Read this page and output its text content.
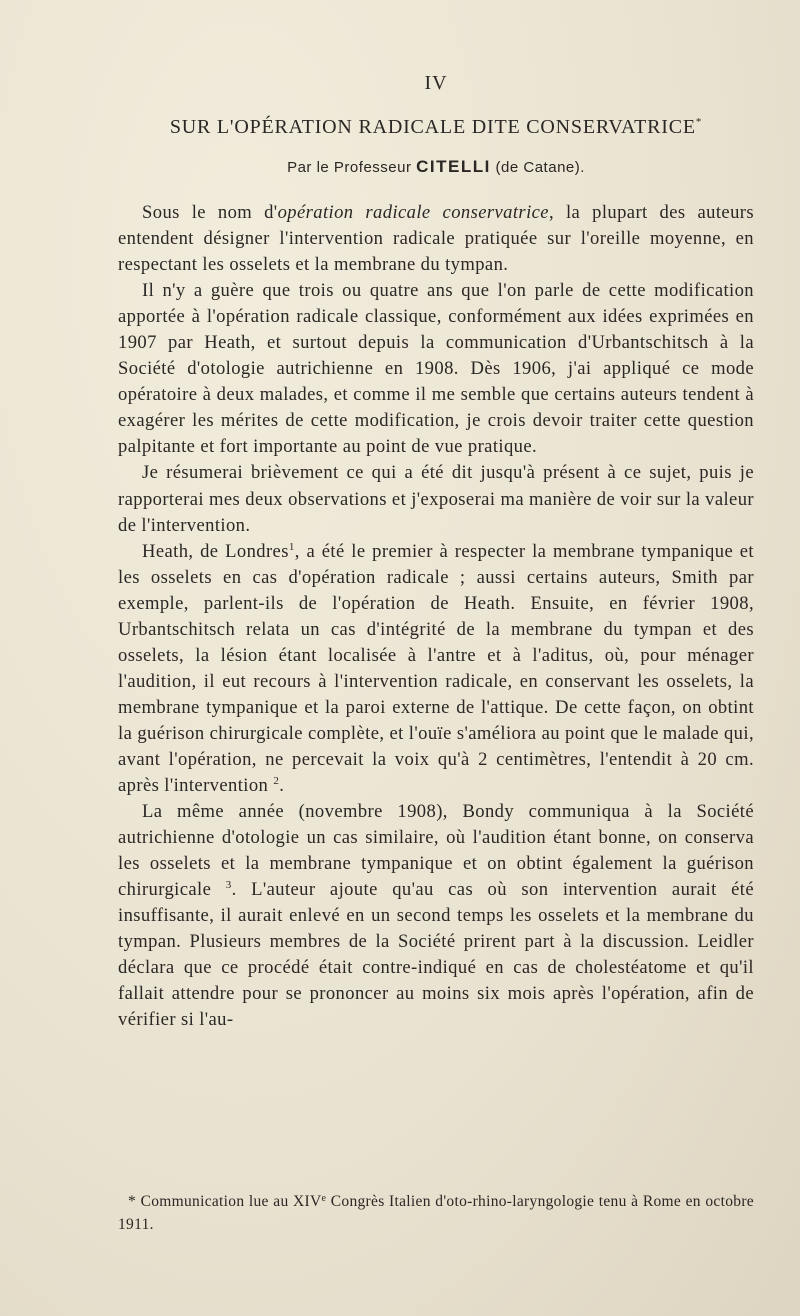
IV
SUR L'OPÉRATION RADICALE DITE CONSERVATRICE*
Par le Professeur CITELLI (de Catane).

Sous le nom d'opération radicale conservatrice, la plupart des auteurs entendent désigner l'intervention radicale pratiquée sur l'oreille moyenne, en respectant les osselets et la membrane du tympan.

Il n'y a guère que trois ou quatre ans que l'on parle de cette modification apportée à l'opération radicale classique, conformément aux idées exprimées en 1907 par Heath, et surtout depuis la communication d'Urbantschitsch à la Société d'otologie autrichienne en 1908. Dès 1906, j'ai appliqué ce mode opératoire à deux malades, et comme il me semble que certains auteurs tendent à exagérer les mérites de cette modification, je crois devoir traiter cette question palpitante et fort importante au point de vue pratique.

Je résumerai brièvement ce qui a été dit jusqu'à présent à ce sujet, puis je rapporterai mes deux observations et j'exposerai ma manière de voir sur la valeur de l'intervention.

Heath, de Londres$^1$, a été le premier à respecter la membrane tympanique et les osselets en cas d'opération radicale ; aussi certains auteurs, Smith par exemple, parlent-ils de l'opération de Heath. Ensuite, en février 1908, Urbantschitsch relata un cas d'intégrité de la membrane du tympan et des osselets, la lésion étant localisée à l'antre et à l'aditus, où, pour ménager l'audition, il eut recours à l'intervention radicale, en conservant les osselets, la membrane tympanique et la paroi externe de l'attique. De cette façon, on obtint la guérison chirurgicale complète, et l'ouïe s'améliora au point que le malade qui, avant l'opération, ne percevait la voix qu'à 2 centimètres, l'entendit à 20 cm. après l'intervention $^2$.

La même année (novembre 1908), Bondy communiqua à la Société autrichienne d'otologie un cas similaire, où l'audition étant bonne, on conserva les osselets et la membrane tympanique et on obtint également la guérison chirurgicale $^3$. L'auteur ajoute qu'au cas où son intervention aurait été insuffisante, il aurait enlevé en un second temps les osselets et la membrane du tympan. Plusieurs membres de la Société prirent part à la discussion. Leidler déclara que ce procédé était contre-indiqué en cas de cholestéatome et qu'il fallait attendre pour se prononcer au moins six mois après l'opération, afin de vérifier si l'au-

* Communication lue au XIVe Congrès Italien d'oto-rhino-laryngologie tenu à Rome en octobre 1911.
